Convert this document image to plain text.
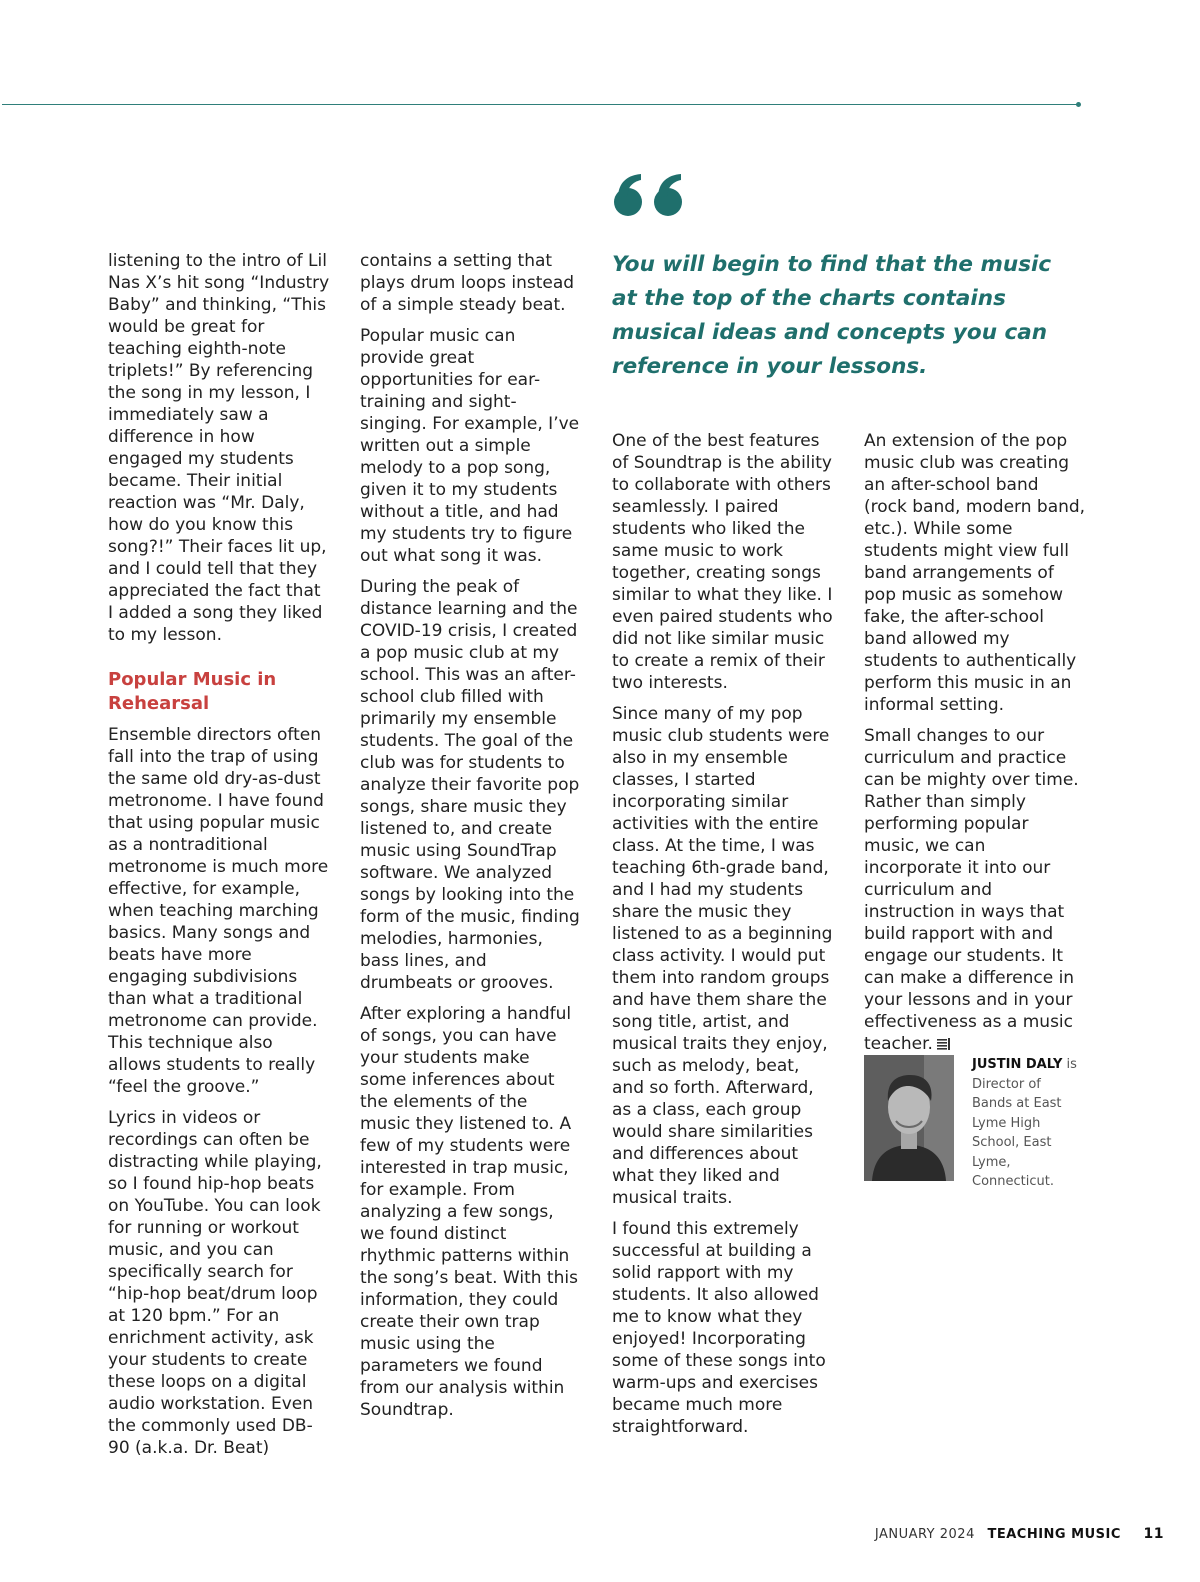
listening to the intro of Lil Nas X’s hit song “Industry Baby” and thinking, “This would be great for teaching eighth-note triplets!” By referencing the song in my lesson, I immediately saw a difference in how engaged my students became. Their initial reaction was “Mr. Daly, how do you know this song?!” Their faces lit up, and I could tell that they appreciated the fact that I added a song they liked to my lesson.

Popular Music in Rehearsal

Ensemble directors often fall into the trap of using the same old dry-as-dust metronome. I have found that using popular music as a nontraditional metronome is much more effective, for example, when teaching marching basics. Many songs and beats have more engaging subdivisions than what a traditional metronome can provide. This technique also allows students to really “feel the groove.”

Lyrics in videos or recordings can often be distracting while playing, so I found hip-hop beats on YouTube. You can look for running or workout music, and you can specifically search for “hip-hop beat/drum loop at 120 bpm.” For an enrichment activity, ask your students to create these loops on a digital audio workstation. Even the commonly used DB-90 (a.k.a. Dr. Beat)

contains a setting that plays drum loops instead of a simple steady beat.

Popular music can provide great opportunities for ear-training and sight-singing. For example, I’ve written out a simple melody to a pop song, given it to my students without a title, and had my students try to figure out what song it was.

During the peak of distance learning and the COVID-19 crisis, I created a pop music club at my school. This was an after-school club filled with primarily my ensemble students. The goal of the club was for students to analyze their favorite pop songs, share music they listened to, and create music using SoundTrap software. We analyzed songs by looking into the form of the music, finding melodies, harmonies, bass lines, and drumbeats or grooves.

After exploring a handful of songs, you can have your students make some inferences about the elements of the music they listened to. A few of my students were interested in trap music, for example. From analyzing a few songs, we found distinct rhythmic patterns within the song’s beat. With this information, they could create their own trap music using the parameters we found from our analysis within Soundtrap.

You will begin to find that the music at the top of the charts contains musical ideas and concepts you can reference in your lessons.

One of the best features of Soundtrap is the ability to collaborate with others seamlessly. I paired students who liked the same music to work together, creating songs similar to what they like. I even paired students who did not like similar music to create a remix of their two interests.

Since many of my pop music club students were also in my ensemble classes, I started incorporating similar activities with the entire class. At the time, I was teaching 6th-grade band, and I had my students share the music they listened to as a beginning class activity. I would put them into random groups and have them share the song title, artist, and musical traits they enjoy, such as melody, beat, and so forth. Afterward, as a class, each group would share similarities and differences about what they liked and musical traits.

I found this extremely successful at building a solid rapport with my students. It also allowed me to know what they enjoyed! Incorporating some of these songs into warm-ups and exercises became much more straightforward.

An extension of the pop music club was creating an after-school band (rock band, modern band, etc.). While some students might view full band arrangements of pop music as somehow fake, the after-school band allowed my students to authentically perform this music in an informal setting.

Small changes to our curriculum and practice can be mighty over time. Rather than simply performing popular music, we can incorporate it into our curriculum and instruction in ways that build rapport with and engage our students. It can make a difference in your lessons and in your effectiveness as a music teacher.

JUSTIN DALY is Director of Bands at East Lyme High School, East Lyme, Connecticut.
JANUARY 2024 TEACHING MUSIC 11
